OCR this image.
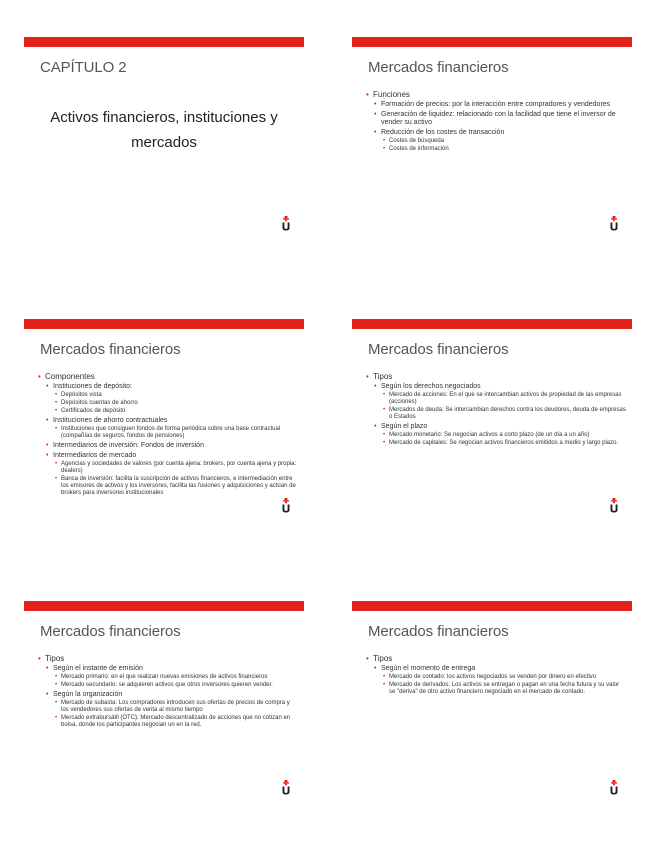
CAPÍTULO 2
Activos financieros, instituciones y
mercados
Mercados financieros
• Funciones
• Formación de precios: por la interacción entre compradores y vendedores
• Generación de liquidez: relacionado con la facilidad que tiene el inversor de vender su activo
• Reducción de los costes de transacción
• Costes de búsqueda
• Costes de información
Mercados financieros
• Componentes
• Instituciones de depósito:
• Depósitos vista
• Depósitos cuentas de ahorro
• Certificados de depósito
• Instituciones de ahorro contractuales
• Instituciones que consiguen fondos de forma periódica sobre una base contractual (compañías de seguros, fondos de pensiones)
• Intermediarios de inversión: Fondos de inversión
• Intermediarios de mercado
• Agencias y sociedades de valores (por cuenta ajena: brokers, por cuenta ajena y propia: dealers)
• Banca de inversión: facilita la suscripción de activos financieros, e intermediación entre los emisores de activos y los inversores, facilita las fusiones y adquisiciones y actúan de brokers para inversores institucionales
Mercados financieros
• Tipos
• Según los derechos negociados
• Mercado de acciones: En el que se intercambian activos de propiedad de las empresas (acciones)
• Mercados de deuda: Se intercambian derechos contra los deudores, deuda de empresas o Estados
• Según el plazo
• Mercado monetario: Se negocian activos a corto plazo (de un día a un año)
• Mercado de capitales: Se negocian activos financieros emitidos a medio y largo plazo.
Mercados financieros
• Tipos
• Según el instante de emisión
• Mercado primario: en el que realizan nuevas emisiones de activos financieros
• Mercado secundario: se adquieren activos que otros inversores quieren vender.
• Según la organización
• Mercado de subasta: Los compradores introducen sus ofertas de precios de compra y los vendedores sus ofertas de venta al mismo tiempo
• Mercado extrabursátil (OTC): Mercado descentralizado de acciones que no cotizan en bolsa, donde los participantes negocian un en la red.
Mercados financieros
• Tipos
• Según el momento de entrega
• Mercado de contado: los activos negociados se venden por dinero en efectivo
• Mercado de derivados: Los activos se entregan o pagan en una fecha futura y su valor se "deriva" de otro activo financiero negociado en el mercado de contado.
